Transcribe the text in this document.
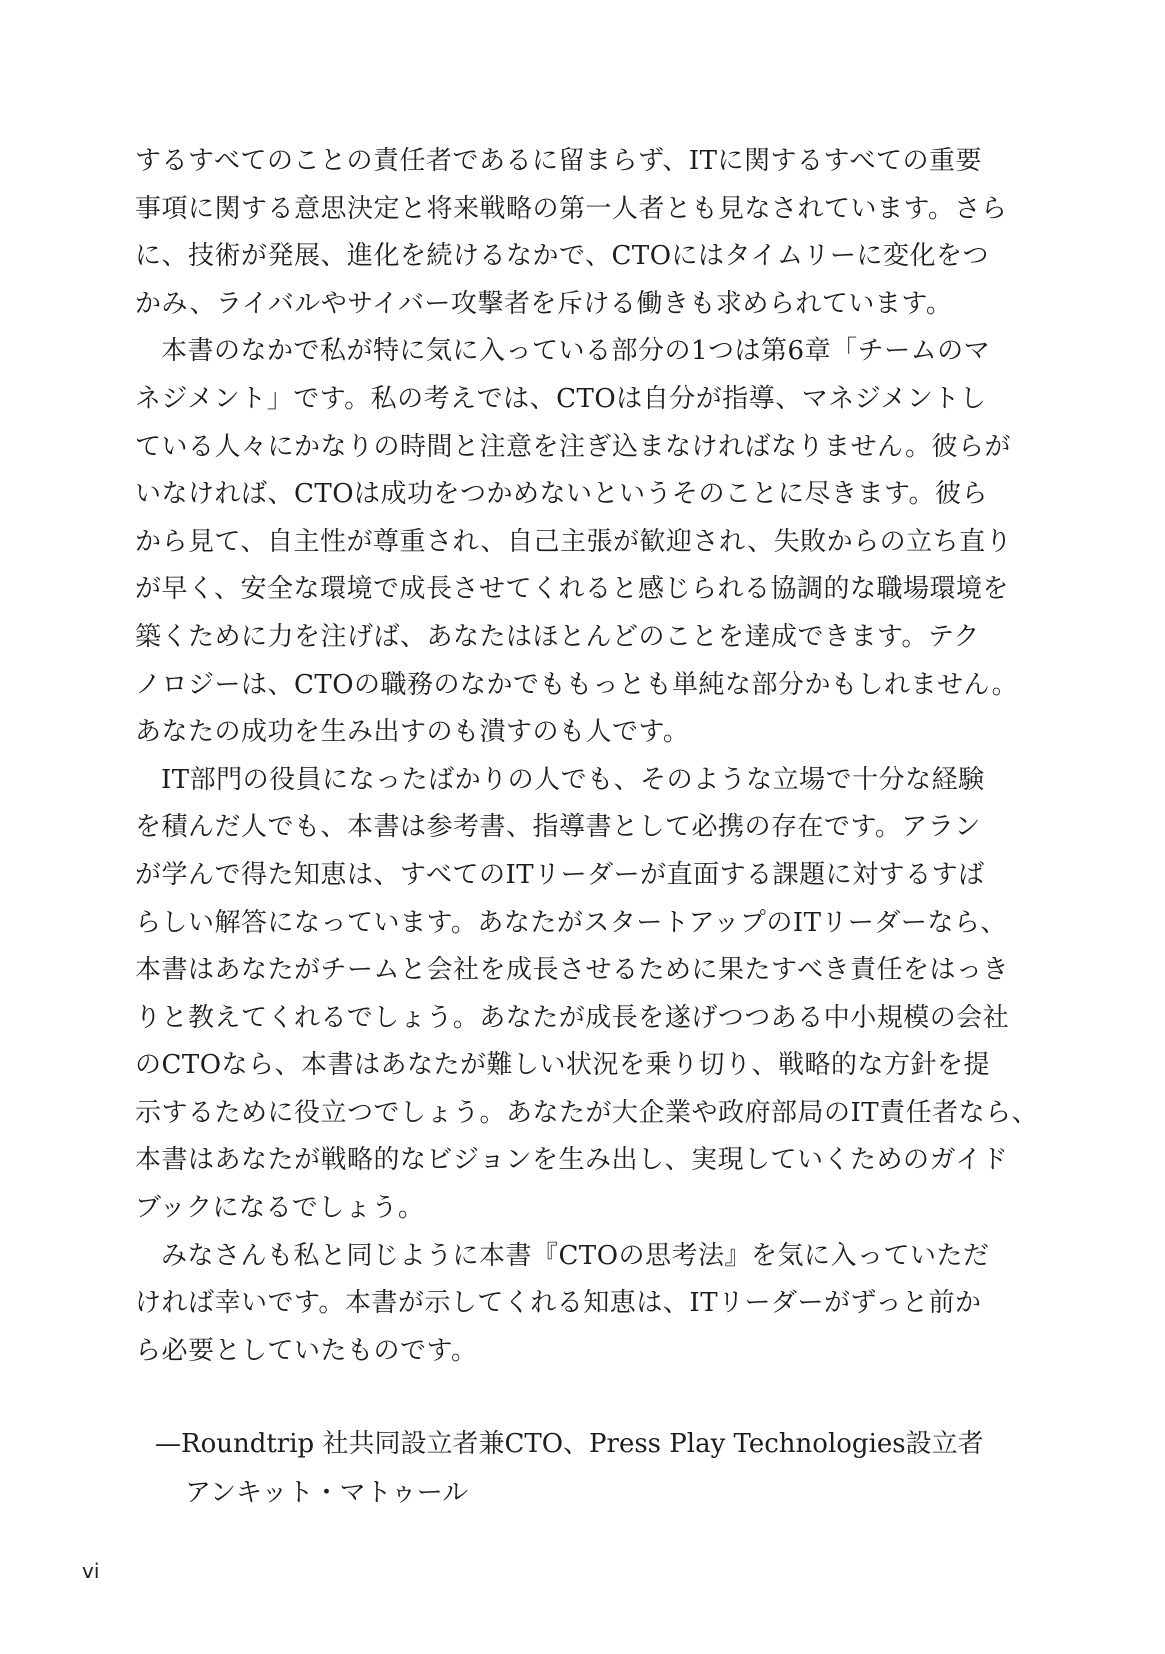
するすべてのことの責任者であるに留まらず、ITに関するすべての重要
事項に関する意思決定と将来戦略の第一人者とも見なされています。さら
に、技術が発展、進化を続けるなかで、CTOにはタイムリーに変化をつ
かみ、ライバルやサイバー攻撃者を斥ける働きも求められています。
本書のなかで私が特に気に入っている部分の1つは第6章「チームのマ
ネジメント」です。私の考えでは、CTOは自分が指導、マネジメントし
ている人々にかなりの時間と注意を注ぎ込まなければなりません。彼らが
いなければ、CTOは成功をつかめないというそのことに尽きます。彼ら
から見て、自主性が尊重され、自己主張が歓迎され、失敗からの立ち直り
が早く、安全な環境で成長させてくれると感じられる協調的な職場環境を
築くために力を注げば、あなたはほとんどのことを達成できます。テク
ノロジーは、CTOの職務のなかでももっとも単純な部分かもしれません。
あなたの成功を生み出すのも潰すのも人です。
IT部門の役員になったばかりの人でも、そのような立場で十分な経験
を積んだ人でも、本書は参考書、指導書として必携の存在です。アラン
が学んで得た知恵は、すべてのITリーダーが直面する課題に対するすば
らしい解答になっています。あなたがスタートアップのITリーダーなら、
本書はあなたがチームと会社を成長させるために果たすべき責任をはっき
りと教えてくれるでしょう。あなたが成長を遂げつつある中小規模の会社
のCTOなら、本書はあなたが難しい状況を乗り切り、戦略的な方針を提
示するために役立つでしょう。あなたが大企業や政府部局のIT責任者なら、
本書はあなたが戦略的なビジョンを生み出し、実現していくためのガイド
ブックになるでしょう。
みなさんも私と同じように本書『CTOの思考法』を気に入っていただ
ければ幸いです。本書が示してくれる知恵は、ITリーダーがずっと前か
ら必要としていたものです。
—Roundtrip 社共同設立者兼CTO、Press Play Technologies設立者
アンキット・マトゥール
vi
